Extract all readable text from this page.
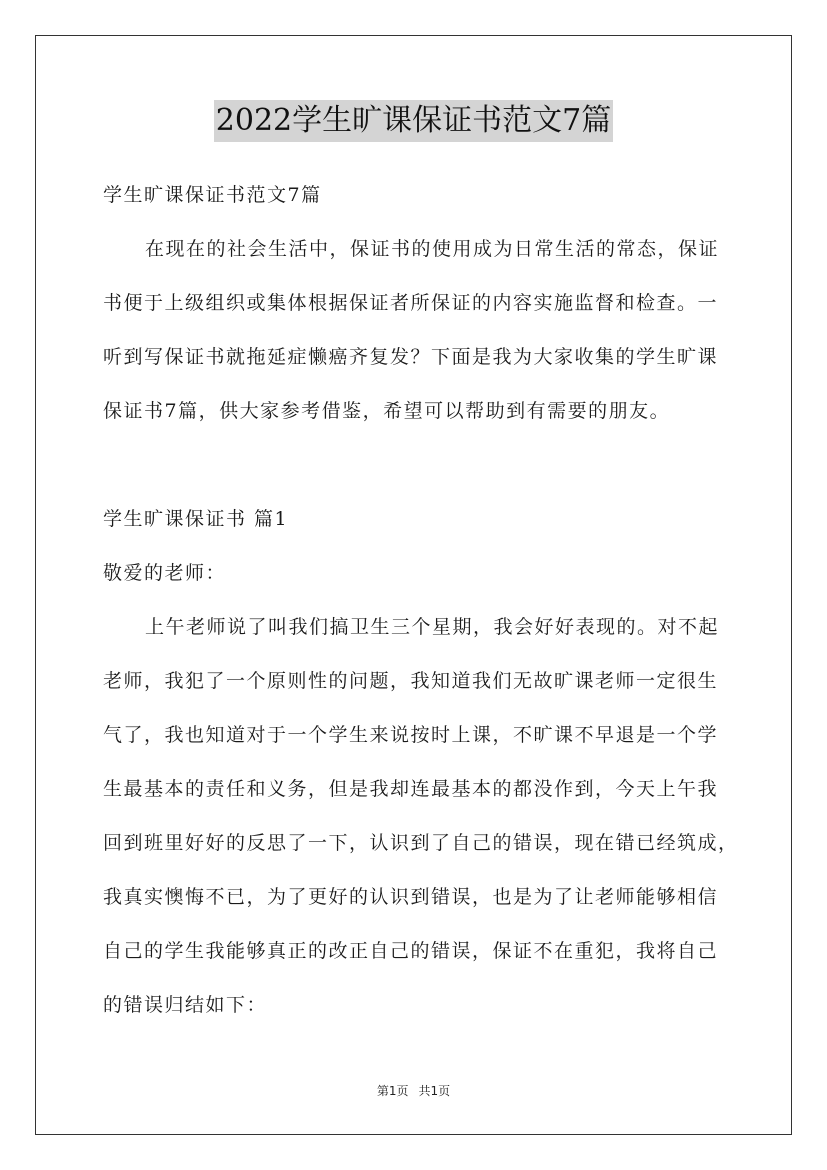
2022学生旷课保证书范文7篇
学生旷课保证书范文7篇
在现在的社会生活中，保证书的使用成为日常生活的常态，保证
书便于上级组织或集体根据保证者所保证的内容实施监督和检查。一
听到写保证书就拖延症懒癌齐复发？下面是我为大家收集的学生旷课
保证书7篇，供大家参考借鉴，希望可以帮助到有需要的朋友。
学生旷课保证书 篇1
敬爱的老师：
上午老师说了叫我们搞卫生三个星期，我会好好表现的。对不起
老师，我犯了一个原则性的问题，我知道我们无故旷课老师一定很生
气了，我也知道对于一个学生来说按时上课，不旷课不早退是一个学
生最基本的责任和义务，但是我却连最基本的都没作到，今天上午我
回到班里好好的反思了一下，认识到了自己的错误，现在错已经筑成，
我真实懊悔不已，为了更好的认识到错误，也是为了让老师能够相信
自己的学生我能够真正的改正自己的错误，保证不在重犯，我将自己
的错误归结如下：
第1页 共1页
